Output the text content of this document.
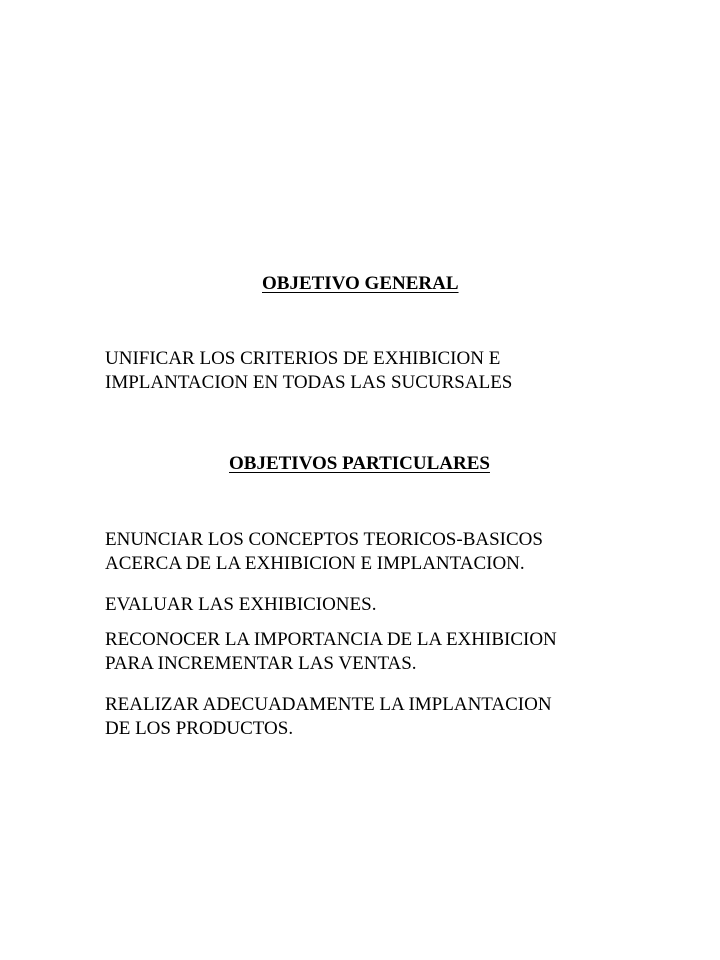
OBJETIVO GENERAL

UNIFICAR LOS CRITERIOS DE EXHIBICION E
IMPLANTACION EN TODAS LAS SUCURSALES

OBJETIVOS PARTICULARES

ENUNCIAR LOS CONCEPTOS TEORICOS-BASICOS
ACERCA DE LA EXHIBICION E IMPLANTACION.

EVALUAR LAS EXHIBICIONES.

RECONOCER LA IMPORTANCIA DE LA EXHIBICION
PARA INCREMENTAR LAS VENTAS.

REALIZAR ADECUADAMENTE LA IMPLANTACION
DE LOS PRODUCTOS.
